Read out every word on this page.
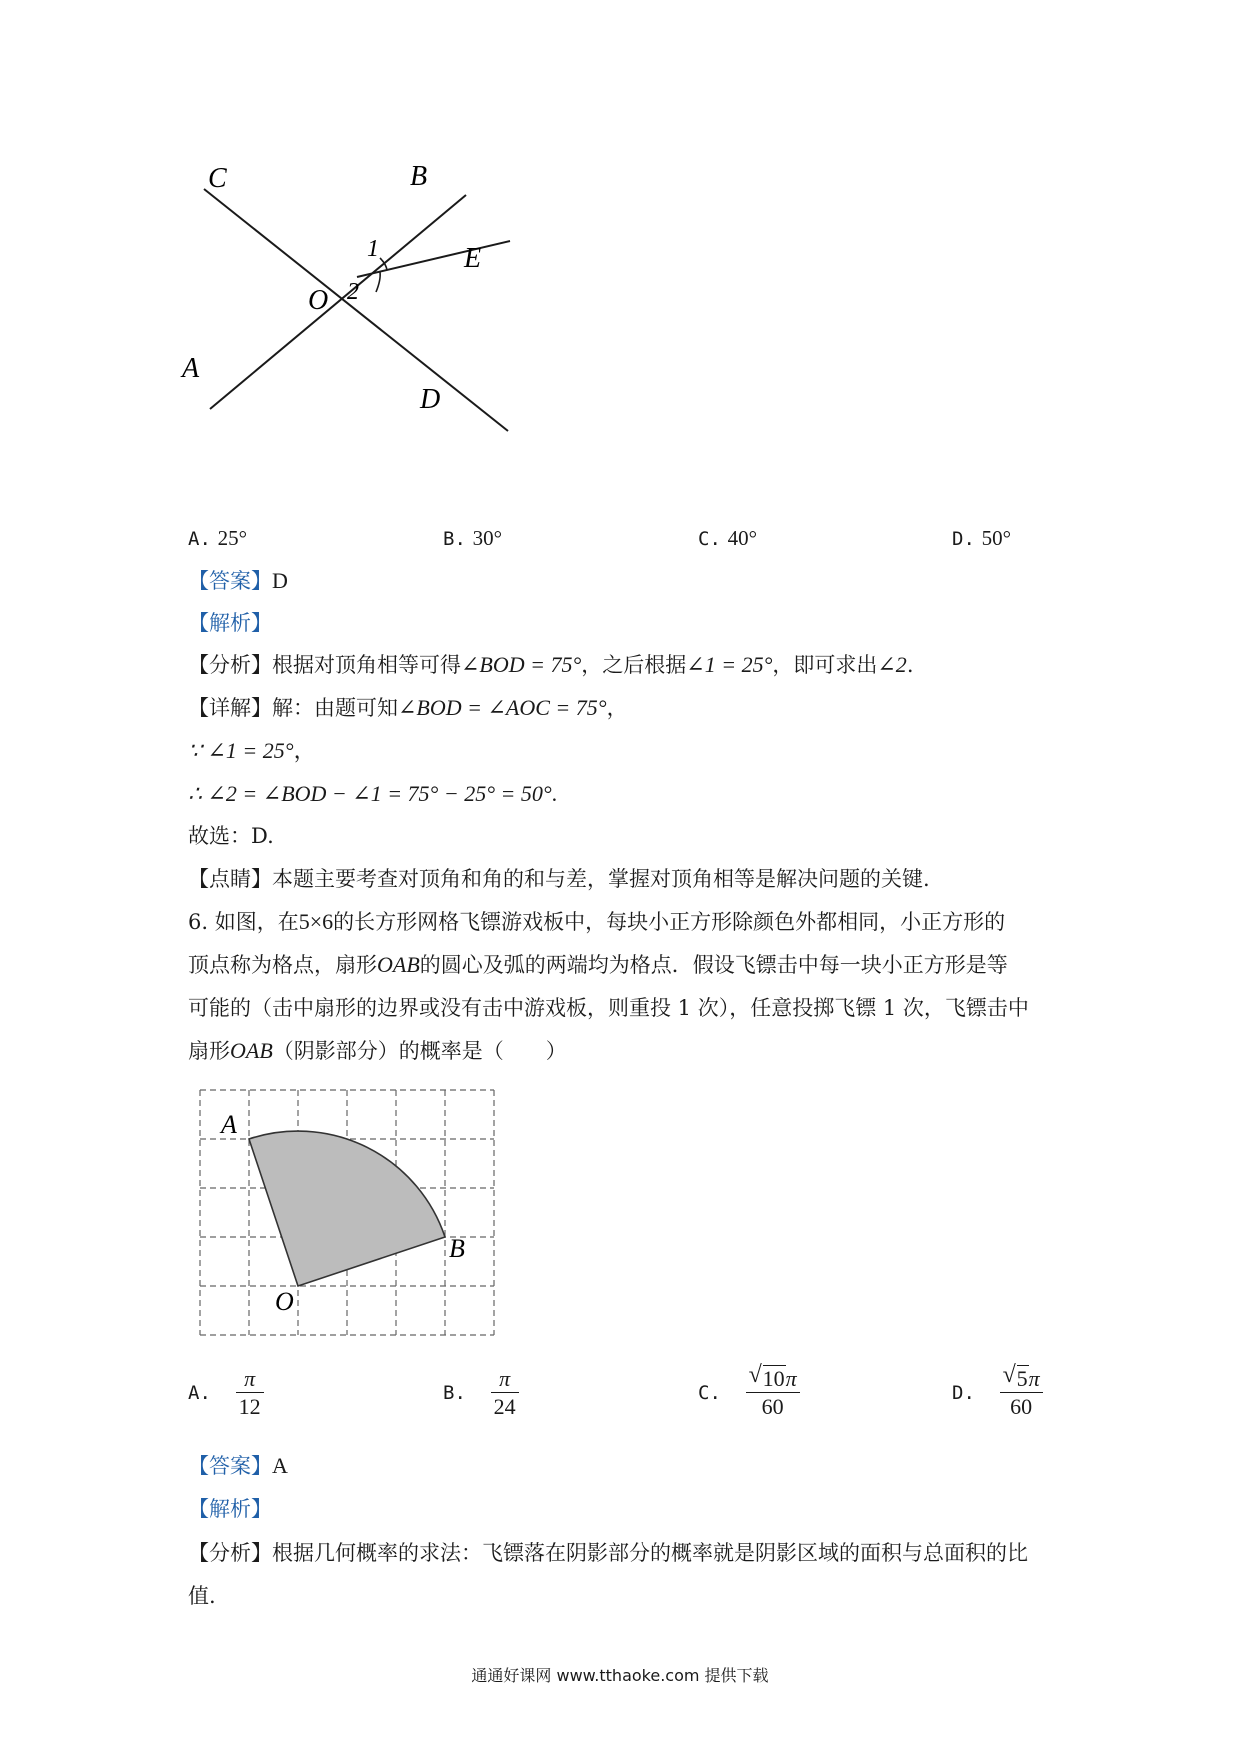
C	B
E
O
A
D
1
2
A. 25°	B. 30°	C. 40°	D. 50°
【答案】D
【解析】
【分析】根据对顶角相等可得∠BOD = 75°，之后根据∠1 = 25°，即可求出∠2.
【详解】解：由题可知∠BOD = ∠AOC = 75°，
∵ ∠1 = 25°，
∴ ∠2 = ∠BOD − ∠1 = 75° − 25° = 50°.
故选：D.
【点睛】本题主要考查对顶角和角的和与差，掌握对顶角相等是解决问题的关键.
6. 如图，在5×6的长方形网格飞镖游戏板中，每块小正方形除颜色外都相同，小正方形的
顶点称为格点，扇形OAB的圆心及弧的两端均为格点．假设飞镖击中每一块小正方形是等
可能的（击中扇形的边界或没有击中游戏板，则重投 1 次），任意投掷飞镖 1 次，飞镖击中
扇形OAB（阴影部分）的概率是（　　）
A
B
O
A. $\frac{\pi}{12}$	B. $\frac{\pi}{24}$	C. $\frac{√ 10\pi}{60}$	D. $\frac{√ 5\pi}{60}$
【答案】A
【解析】
【分析】根据几何概率的求法：飞镖落在阴影部分的概率就是阴影区域的面积与总面积的比
值.
通通好课网 www.tthaoke.com 提供下载
